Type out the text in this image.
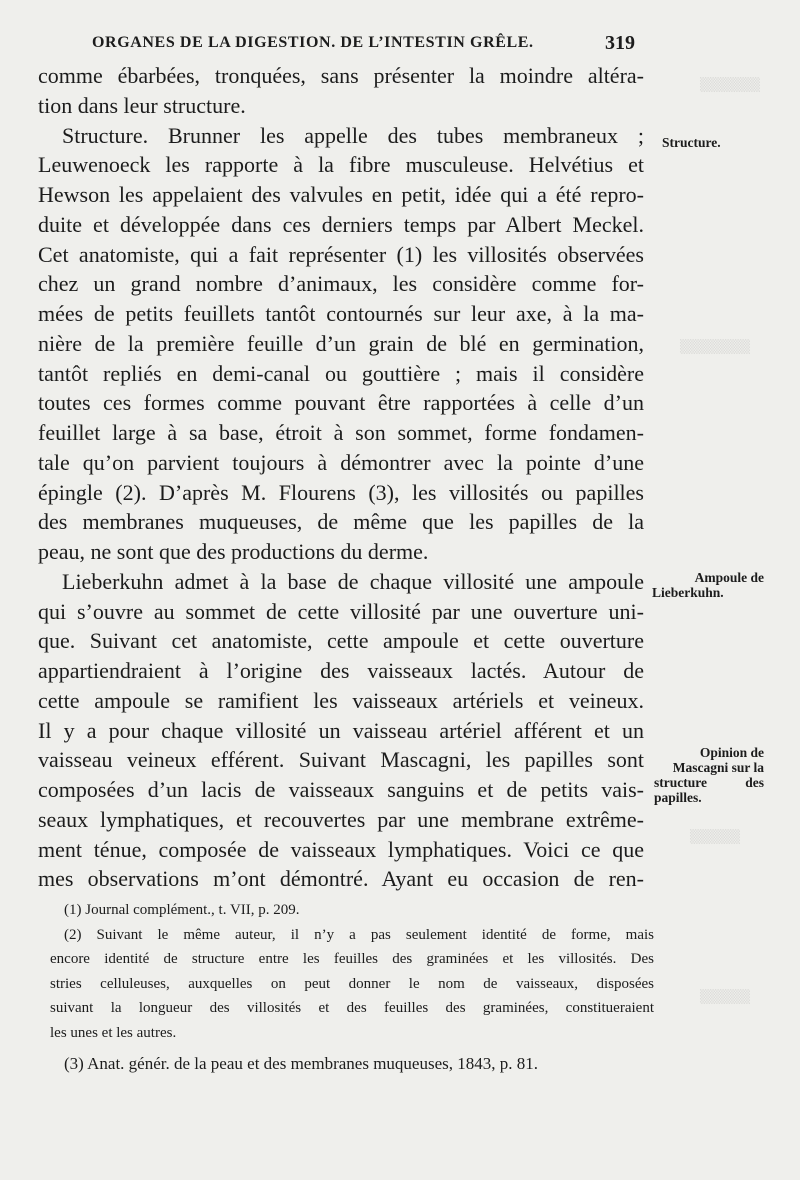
▒▒▒▒▒▒
▒▒▒▒▒▒▒
▒▒▒▒▒
▒▒▒▒▒
ORGANES DE LA DIGESTION. DE L’INTESTIN GRÊLE.	319
comme ébarbées, tronquées, sans présenter la moindre altéra-
tion dans leur structure.
Structure. Brunner les appelle des tubes membraneux ;
Leuwenoeck les rapporte à la fibre musculeuse. Helvétius et
Hewson les appelaient des valvules en petit, idée qui a été repro-
duite et développée dans ces derniers temps par Albert Meckel.
Cet anatomiste, qui a fait représenter (1) les villosités observées
chez un grand nombre d’animaux, les considère comme for-
mées de petits feuillets tantôt contournés sur leur axe, à la ma-
nière de la première feuille d’un grain de blé en germination,
tantôt repliés en demi-canal ou gouttière ; mais il considère
toutes ces formes comme pouvant être rapportées à celle d’un
feuillet large à sa base, étroit à son sommet, forme fondamen-
tale qu’on parvient toujours à démontrer avec la pointe d’une
épingle (2). D’après M. Flourens (3), les villosités ou papilles
des membranes muqueuses, de même que les papilles de la
peau, ne sont que des productions du derme.
Lieberkuhn admet à la base de chaque villosité une ampoule
qui s’ouvre au sommet de cette villosité par une ouverture uni-
que. Suivant cet anatomiste, cette ampoule et cette ouverture
appartiendraient à l’origine des vaisseaux lactés. Autour de
cette ampoule se ramifient les vaisseaux artériels et veineux.
Il y a pour chaque villosité un vaisseau artériel afférent et un
vaisseau veineux efférent. Suivant Mascagni, les papilles sont
composées d’un lacis de vaisseaux sanguins et de petits vais-
seaux lymphatiques, et recouvertes par une membrane extrême-
ment ténue, composée de vaisseaux lymphatiques. Voici ce que
mes observations m’ont démontré. Ayant eu occasion de ren-
Structure.
Ampoule de
Lieberkuhn.
Opinion de
Mascagni sur la
structure des
papilles.
(1) Journal complément., t. VII, p. 209.
(2) Suivant le même auteur, il n’y a pas seulement identité de forme, mais
encore identité de structure entre les feuilles des graminées et les villosités. Des
stries celluleuses, auxquelles on peut donner le nom de vaisseaux, disposées
suivant la longueur des villosités et des feuilles des graminées, constitueraient
les unes et les autres.
(3) Anat. génér. de la peau et des membranes muqueuses, 1843, p. 81.
